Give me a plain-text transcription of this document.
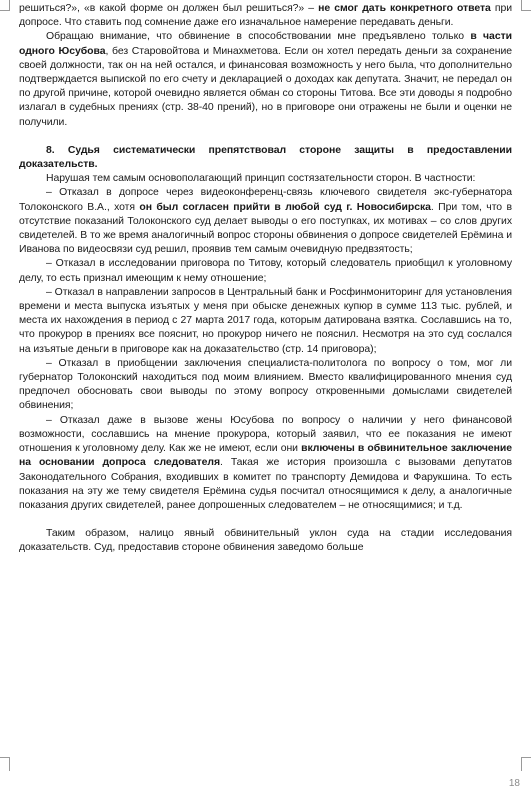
решиться?», «в какой форме он должен был решиться?» – не смог дать конкретного ответа при допросе. Что ставить под сомнение даже его изначальное намерение передавать деньги.

Обращаю внимание, что обвинение в способствовании мне предъявлено только в части одного Юсубова, без Старовойтова и Минахметова. Если он хотел передать деньги за сохранение своей должности, так он на ней остался, и финансовая возможность у него была, что дополнительно подтверждается выпиской по его счету и декларацией о доходах как депутата. Значит, не передал он по другой причине, которой очевидно является обман со стороны Титова. Все эти доводы я подробно излагал в судебных прениях (стр. 38-40 прений), но в приговоре они отражены не были и оценки не получили.

8. Судья систематически препятствовал стороне защиты в предоставлении доказательств.

Нарушая тем самым основополагающий принцип состязательности сторон. В частности:

– Отказал в допросе через видеоконференц-связь ключевого свидетеля экс-губернатора Толоконского В.А., хотя он был согласен прийти в любой суд г. Новосибирска. При том, что в отсутствие показаний Толоконского суд делает выводы о его поступках, их мотивах – со слов других свидетелей. В то же время аналогичный вопрос стороны обвинения о допросе свидетелей Ерёмина и Иванова по видеосвязи суд решил, проявив тем самым очевидную предвзятость;

– Отказал в исследовании приговора по Титову, который следователь приобщил к уголовному делу, то есть признал имеющим к нему отношение;

– Отказал в направлении запросов в Центральный банк и Росфинмониторинг для установления времени и места выпуска изъятых у меня при обыске денежных купюр в сумме 113 тыс. рублей, и места их нахождения в период с 27 марта 2017 года, которым датирована взятка. Сославшись на то, что прокурор в прениях все пояснит, но прокурор ничего не пояснил. Несмотря на это суд сослался на изъятые деньги в приговоре как на доказательство (стр. 14 приговора);

– Отказал в приобщении заключения специалиста-политолога по вопросу о том, мог ли губернатор Толоконский находиться под моим влиянием. Вместо квалифицированного мнения суд предпочел обосновать свои выводы по этому вопросу откровенными домыслами свидетелей обвинения;

– Отказал даже в вызове жены Юсубова по вопросу о наличии у него финансовой возможности, сославшись на мнение прокурора, который заявил, что ее показания не имеют отношения к уголовному делу. Как же не имеют, если они включены в обвинительное заключение на основании допроса следователя. Такая же история произошла с вызовами депутатов Законодательного Собрания, входивших в комитет по транспорту Демидова и Фарукшина. То есть показания на эту же тему свидетеля Ерёмина судья посчитал относящимися к делу, а аналогичные показания других свидетелей, ранее допрошенных следователем – не относящимися; и т.д.

Таким образом, налицо явный обвинительный уклон суда на стадии исследования доказательств. Суд, предоставив стороне обвинения заведомо больше

18
